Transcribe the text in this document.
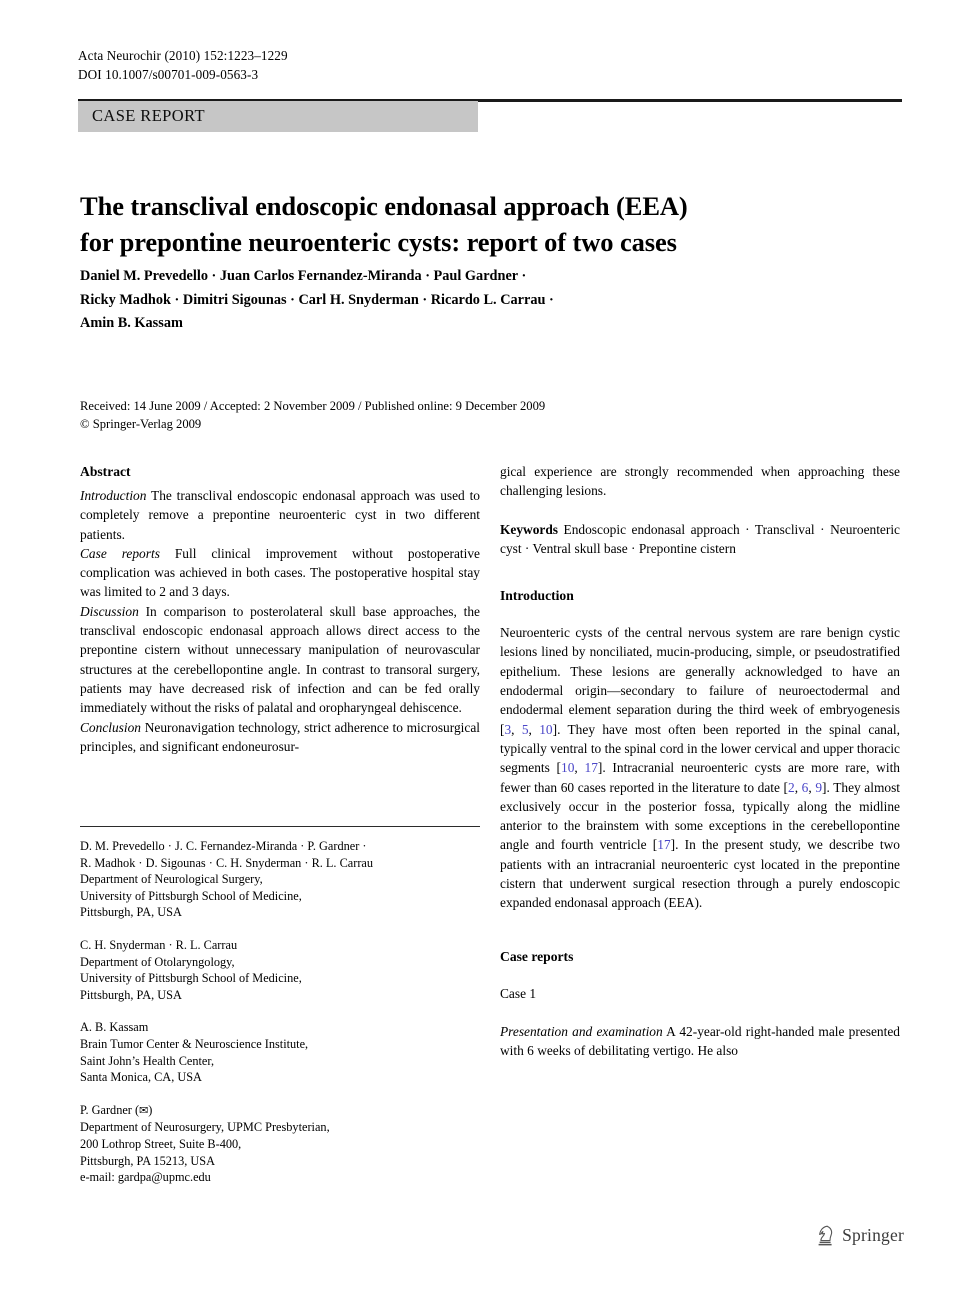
Acta Neurochir (2010) 152:1223–1229
DOI 10.1007/s00701-009-0563-3
CASE REPORT
The transclival endoscopic endonasal approach (EEA)
for prepontine neuroenteric cysts: report of two cases
Daniel M. Prevedello · Juan Carlos Fernandez-Miranda · Paul Gardner ·
Ricky Madhok · Dimitri Sigounas · Carl H. Snyderman · Ricardo L. Carrau ·
Amin B. Kassam
Received: 14 June 2009 / Accepted: 2 November 2009 / Published online: 9 December 2009
© Springer-Verlag 2009
Abstract

Introduction The transclival endoscopic endonasal approach was used to completely remove a prepontine neuroenteric cyst in two different patients.

Case reports Full clinical improvement without postoperative complication was achieved in both cases. The postoperative hospital stay was limited to 2 and 3 days.

Discussion In comparison to posterolateral skull base approaches, the transclival endoscopic endonasal approach allows direct access to the prepontine cistern without unnecessary manipulation of neurovascular structures at the cerebellopontine angle. In contrast to transoral surgery, patients may have decreased risk of infection and can be fed orally immediately without the risks of palatal and oropharyngeal dehiscence.

Conclusion Neuronavigation technology, strict adherence to microsurgical principles, and significant endoneurosur-

D. M. Prevedello · J. C. Fernandez-Miranda · P. Gardner ·
R. Madhok · D. Sigounas · C. H. Snyderman · R. L. Carrau
Department of Neurological Surgery,
University of Pittsburgh School of Medicine,
Pittsburgh, PA, USA
C. H. Snyderman · R. L. Carrau
Department of Otolaryngology,
University of Pittsburgh School of Medicine,
Pittsburgh, PA, USA
A. B. Kassam
Brain Tumor Center & Neuroscience Institute,
Saint John’s Health Center,
Santa Monica, CA, USA
P. Gardner (✉)
Department of Neurosurgery, UPMC Presbyterian,
200 Lothrop Street, Suite B-400,
Pittsburgh, PA 15213, USA
e-mail: gardpa@upmc.edu

gical experience are strongly recommended when approaching these challenging lesions.

Keywords Endoscopic endonasal approach · Transclival · Neuroenteric cyst · Ventral skull base · Prepontine cistern

Introduction

Neuroenteric cysts of the central nervous system are rare benign cystic lesions lined by nonciliated, mucin-producing, simple, or pseudostratified epithelium. These lesions are generally acknowledged to have an endodermal origin—secondary to failure of neuroectodermal and endodermal element separation during the third week of embryogenesis [3, 5, 10]. They have most often been reported in the spinal canal, typically ventral to the spinal cord in the lower cervical and upper thoracic segments [10, 17]. Intracranial neuroenteric cysts are more rare, with fewer than 60 cases reported in the literature to date [2, 6, 9]. They almost exclusively occur in the posterior fossa, typically along the midline anterior to the brainstem with some exceptions in the cerebellopontine angle and fourth ventricle [17]. In the present study, we describe two patients with an intracranial neuroenteric cyst located in the prepontine cistern that underwent surgical resection through a purely endoscopic expanded endonasal approach (EEA).

Case reports

Case 1

Presentation and examination A 42-year-old right-handed male presented with 6 weeks of debilitating vertigo. He also

Springer
